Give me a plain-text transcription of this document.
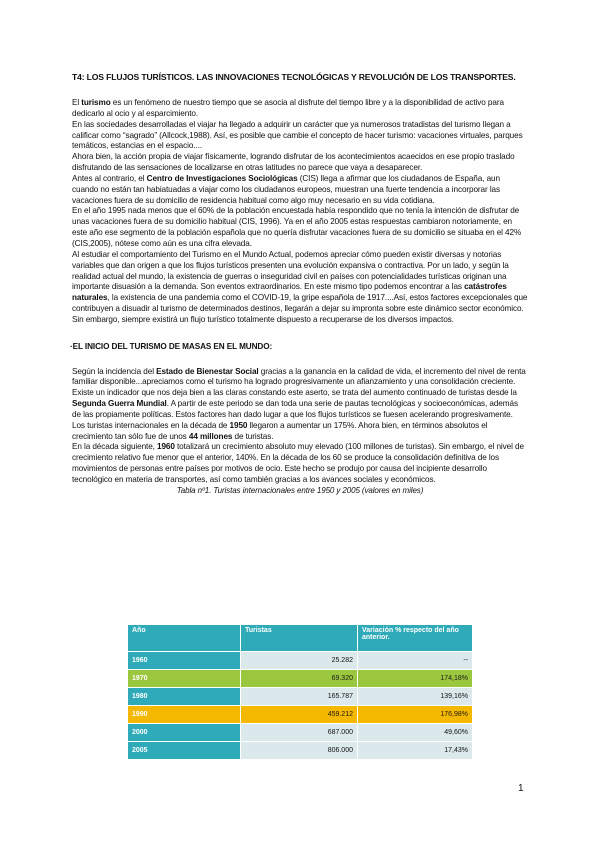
T4: LOS FLUJOS TURÍSTICOS. LAS INNOVACIONES TECNOLÓGICAS Y REVOLUCIÓN DE LOS TRANSPORTES.

El turismo es un fenómeno de nuestro tiempo que se asocia al disfrute del tiempo libre y a la disponibilidad de activo para dedicarlo al ocio y al esparcimiento.

En las sociedades desarrolladas el viajar ha llegado a adquirir un carácter que ya numerosos tratadistas del turismo llegan a calificar como “sagrado” (Allcock,1988). Así, es posible que cambie el concepto de hacer turismo: vacaciones virtuales, parques temáticos, estancias en el espacio....

Ahora bien, la acción propia de viajar físicamente, logrando disfrutar de los acontecimientos acaecidos en ese propio traslado disfrutando de las sensaciones de localizarse en otras latitudes no parece que vaya a desaparecer.

Antes al contrario, el Centro de Investigaciones Sociológicas (CIS) llega a afirmar que los ciudadanos de España, aun cuando no están tan habiatuadas a viajar como los ciudadanos europeos, muestran una fuerte tendencia a incorporar las vacaciones fuera de su domicilio de residencia habitual como algo muy necesario en su vida cotidiana.

En el año 1995 nada menos que el 60% de la población encuestada había respondido que no tenía la intención de disfrutar de unas vacaciones fuera de su domicilio habitual (CIS, 1996). Ya en el año 2005 estas respuestas cambiaron notoriamente, en este año ese segmento de la población española que no quería disfrutar vacaciones fuera de su domicilio se situaba en el 42% (CIS,2005), nótese como aún es una cifra elevada.

Al estudiar el comportamiento del Turismo en el Mundo Actual, podemos apreciar cómo pueden existir diversas y notorias variables que dan origen a que los flujos turísticos presenten una evolución expansiva o contractiva. Por un lado, y según la realidad actual del mundo, la existencia de guerras o inseguridad civil en países con potencialidades turísticas originan una importante disuasión a la demanda. Son eventos extraordinarios. En este mismo tipo podemos encontrar a las catástrofes naturales, la existencia de una pandemia como el COVID-19, la gripe española de 1917....Así, estos factores excepcionales que contribuyen a disuadir al turismo de determinados destinos, llegarán a dejar su impronta sobre este dinámico sector económico. Sin embargo, siempre existirá un flujo turístico totalmente dispuesto a recuperarse de los diversos impactos.

·EL INICIO DEL TURISMO DE MASAS EN EL MUNDO:

Según la incidencia del Estado de Bienestar Social gracias a la ganancia en la calidad de vida, el incremento del nivel de renta familiar disponible...apreciamos como el turismo ha logrado progresivamente un afianzamiento y una consolidación creciente.

Existe un indicador que nos deja bien a las claras constando este aserto, se trata del aumento continuado de turistas desde la Segunda Guerra Mundial. A partir de este periodo se dan toda una serie de pautas tecnológicas y socioeconómicas, además de las propiamente políticas. Estos factores han dado lugar a que los flujos turísticos se fuesen acelerando progresivamente.

Los turistas internacionales en la década de 1950 llegaron a aumentar un 175%. Ahora bien, en términos absolutos el crecimiento tan sólo fue de unos 44 millones de turistas.

En la década siguiente, 1960 totalizará un crecimiento absoluto muy elevado (100 millones de turistas). Sin embargo, el nivel de crecimiento relativo fue menor que el anterior, 140%. En la década de los 60 se produce la consolidación definitiva de los movimientos de personas entre países por motivos de ocio. Este hecho se produjo por causa del incipiente desarrollo tecnológico en materia de transportes, así como también gracias a los avances sociales y económicos.

Tabla nº1. Turistas internacionales entre 1950 y 2005 (valores en miles)

Año	Turistas	Variación % respecto del año anterior.
1960	25.282	--
1970	69.320	174,18%
1980	165.787	139,16%
1990	459.212	176,98%
2000	687.000	49,60%
2005	806.000	17,43%
1
